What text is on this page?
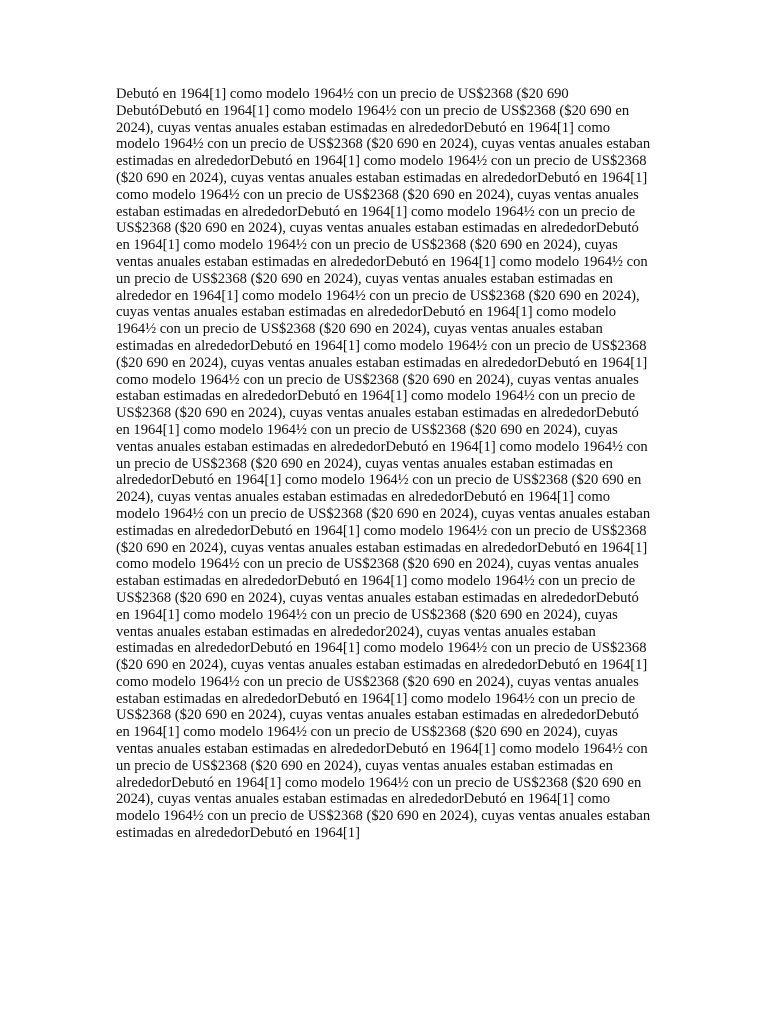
Debutó en 1964[1] como modelo 1964½ con un precio de US$2368 ($20 690 DebutóDebutó en 1964[1] como modelo 1964½ con un precio de US$2368 ($20 690 en 2024), cuyas ventas anuales estaban estimadas en alrededorDebutó en 1964[1] como modelo 1964½ con un precio de US$2368 ($20 690 en 2024), cuyas ventas anuales estaban estimadas en alrededorDebutó en 1964[1] como modelo 1964½ con un precio de US$2368 ($20 690 en 2024), cuyas ventas anuales estaban estimadas en alrededorDebutó en 1964[1] como modelo 1964½ con un precio de US$2368 ($20 690 en 2024), cuyas ventas anuales estaban estimadas en alrededorDebutó en 1964[1] como modelo 1964½ con un precio de US$2368 ($20 690 en 2024), cuyas ventas anuales estaban estimadas en alrededorDebutó en 1964[1] como modelo 1964½ con un precio de US$2368 ($20 690 en 2024), cuyas ventas anuales estaban estimadas en alrededorDebutó en 1964[1] como modelo 1964½ con un precio de US$2368 ($20 690 en 2024), cuyas ventas anuales estaban estimadas en alrededor en 1964[1] como modelo 1964½ con un precio de US$2368 ($20 690 en 2024), cuyas ventas anuales estaban estimadas en alrededorDebutó en 1964[1] como modelo 1964½ con un precio de US$2368 ($20 690 en 2024), cuyas ventas anuales estaban estimadas en alrededorDebutó en 1964[1] como modelo 1964½ con un precio de US$2368 ($20 690 en 2024), cuyas ventas anuales estaban estimadas en alrededorDebutó en 1964[1] como modelo 1964½ con un precio de US$2368 ($20 690 en 2024), cuyas ventas anuales estaban estimadas en alrededorDebutó en 1964[1] como modelo 1964½ con un precio de US$2368 ($20 690 en 2024), cuyas ventas anuales estaban estimadas en alrededorDebutó en 1964[1] como modelo 1964½ con un precio de US$2368 ($20 690 en 2024), cuyas ventas anuales estaban estimadas en alrededorDebutó en 1964[1] como modelo 1964½ con un precio de US$2368 ($20 690 en 2024), cuyas ventas anuales estaban estimadas en alrededorDebutó en 1964[1] como modelo 1964½ con un precio de US$2368 ($20 690 en 2024), cuyas ventas anuales estaban estimadas en alrededorDebutó en 1964[1] como modelo 1964½ con un precio de US$2368 ($20 690 en 2024), cuyas ventas anuales estaban estimadas en alrededorDebutó en 1964[1] como modelo 1964½ con un precio de US$2368 ($20 690 en 2024), cuyas ventas anuales estaban estimadas en alrededorDebutó en 1964[1] como modelo 1964½ con un precio de US$2368 ($20 690 en 2024), cuyas ventas anuales estaban estimadas en alrededorDebutó en 1964[1] como modelo 1964½ con un precio de US$2368 ($20 690 en 2024), cuyas ventas anuales estaban estimadas en alrededorDebutó en 1964[1] como modelo 1964½ con un precio de US$2368 ($20 690 en 2024), cuyas ventas anuales estaban estimadas en alrededor2024), cuyas ventas anuales estaban estimadas en alrededorDebutó en 1964[1] como modelo 1964½ con un precio de US$2368 ($20 690 en 2024), cuyas ventas anuales estaban estimadas en alrededorDebutó en 1964[1] como modelo 1964½ con un precio de US$2368 ($20 690 en 2024), cuyas ventas anuales estaban estimadas en alrededorDebutó en 1964[1] como modelo 1964½ con un precio de US$2368 ($20 690 en 2024), cuyas ventas anuales estaban estimadas en alrededorDebutó en 1964[1] como modelo 1964½ con un precio de US$2368 ($20 690 en 2024), cuyas ventas anuales estaban estimadas en alrededorDebutó en 1964[1] como modelo 1964½ con un precio de US$2368 ($20 690 en 2024), cuyas ventas anuales estaban estimadas en alrededorDebutó en 1964[1] como modelo 1964½ con un precio de US$2368 ($20 690 en 2024), cuyas ventas anuales estaban estimadas en alrededorDebutó en 1964[1] como modelo 1964½ con un precio de US$2368 ($20 690 en 2024), cuyas ventas anuales estaban estimadas en alrededorDebutó en 1964[1]
